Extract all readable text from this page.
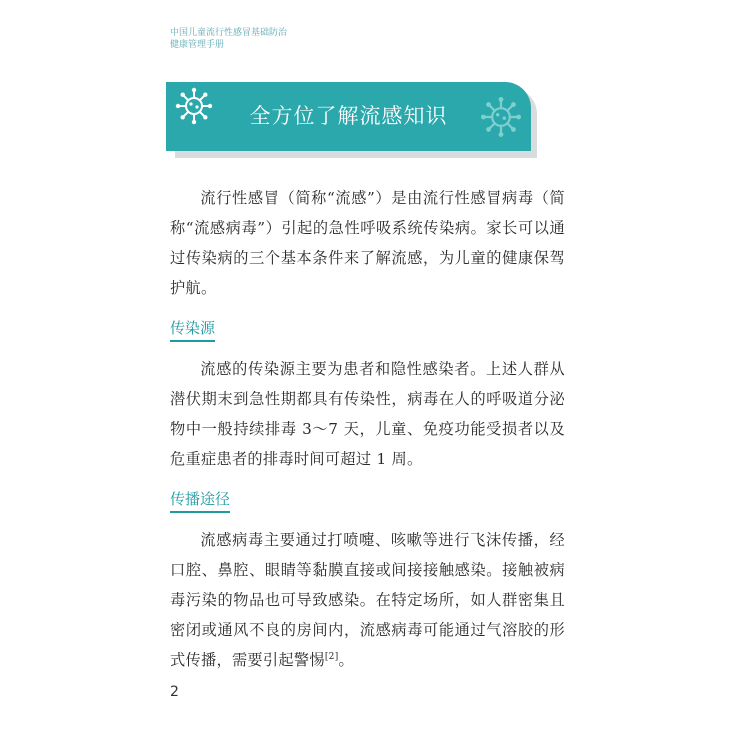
中国儿童流行性感冒基础防治
健康管理手册
全方位了解流感知识

流行性感冒（简称“流感”）是由流行性感冒病毒（简称“流感病毒”）引起的急性呼吸系统传染病。家长可以通过传染病的三个基本条件来了解流感，为儿童的健康保驾护航。

传染源

流感的传染源主要为患者和隐性感染者。上述人群从潜伏期末到急性期都具有传染性，病毒在人的呼吸道分泌物中一般持续排毒 3～7 天，儿童、免疫功能受损者以及危重症患者的排毒时间可超过 1 周。

传播途径

流感病毒主要通过打喷嚏、咳嗽等进行飞沫传播，经口腔、鼻腔、眼睛等黏膜直接或间接接触感染。接触被病毒污染的物品也可导致感染。在特定场所，如人群密集且密闭或通风不良的房间内，流感病毒可能通过气溶胶的形式传播，需要引起警惕[2]。

2
